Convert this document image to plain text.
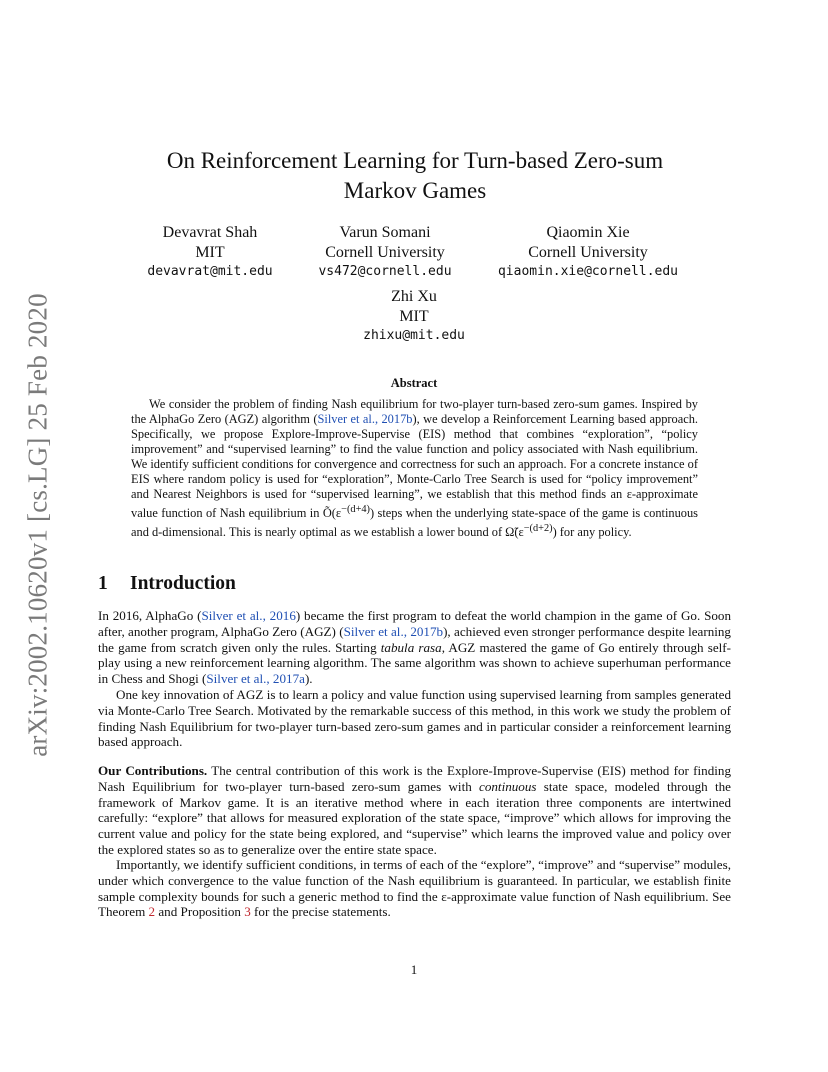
arXiv:2002.10620v1 [cs.LG] 25 Feb 2020
On Reinforcement Learning for Turn-based Zero-sum
Markov Games
Devavrat Shah
MIT
devavrat@mit.edu
Varun Somani
Cornell University
vs472@cornell.edu
Qiaomin Xie
Cornell University
qiaomin.xie@cornell.edu
Zhi Xu
MIT
zhixu@mit.edu
Abstract

We consider the problem of finding Nash equilibrium for two-player turn-based zero-sum games. Inspired by the AlphaGo Zero (AGZ) algorithm (Silver et al., 2017b), we develop a Reinforcement Learning based approach. Specifically, we propose Explore-Improve-Supervise (EIS) method that combines “exploration”, “policy improvement” and “supervised learning” to find the value function and policy associated with Nash equilibrium. We identify sufficient conditions for convergence and correctness for such an approach. For a concrete instance of EIS where random policy is used for “exploration”, Monte-Carlo Tree Search is used for “policy improvement” and Nearest Neighbors is used for “supervised learning”, we establish that this method finds an ε-approximate value function of Nash equilibrium in $Õ(\varepsilon^{-(d+4)})$ steps when the underlying state-space of the game is continuous and d-dimensional. This is nearly optimal as we establish a lower bound of $\Omegã(\varepsilon^{-(d+2)})$ for any policy.

1 Introduction

In 2016, AlphaGo (Silver et al., 2016) became the first program to defeat the world champion in the game of Go. Soon after, another program, AlphaGo Zero (AGZ) (Silver et al., 2017b), achieved even stronger performance despite learning the game from scratch given only the rules. Starting tabula rasa, AGZ mastered the game of Go entirely through self-play using a new reinforcement learning algorithm. The same algorithm was shown to achieve superhuman performance in Chess and Shogi (Silver et al., 2017a).

One key innovation of AGZ is to learn a policy and value function using supervised learning from samples generated via Monte-Carlo Tree Search. Motivated by the remarkable success of this method, in this work we study the problem of finding Nash Equilibrium for two-player turn-based zero-sum games and in particular consider a reinforcement learning based approach.

Our Contributions. The central contribution of this work is the Explore-Improve-Supervise (EIS) method for finding Nash Equilibrium for two-player turn-based zero-sum games with continuous state space, modeled through the framework of Markov game. It is an iterative method where in each iteration three components are intertwined carefully: “explore” that allows for measured exploration of the state space, “improve” which allows for improving the current value and policy for the state being explored, and “supervise” which learns the improved value and policy over the explored states so as to generalize over the entire state space.

Importantly, we identify sufficient conditions, in terms of each of the “explore”, “improve” and “supervise” modules, under which convergence to the value function of the Nash equilibrium is guaranteed. In particular, we establish finite sample complexity bounds for such a generic method to find the ε-approximate value function of Nash equilibrium. See Theorem 2 and Proposition 3 for the precise statements.

1
